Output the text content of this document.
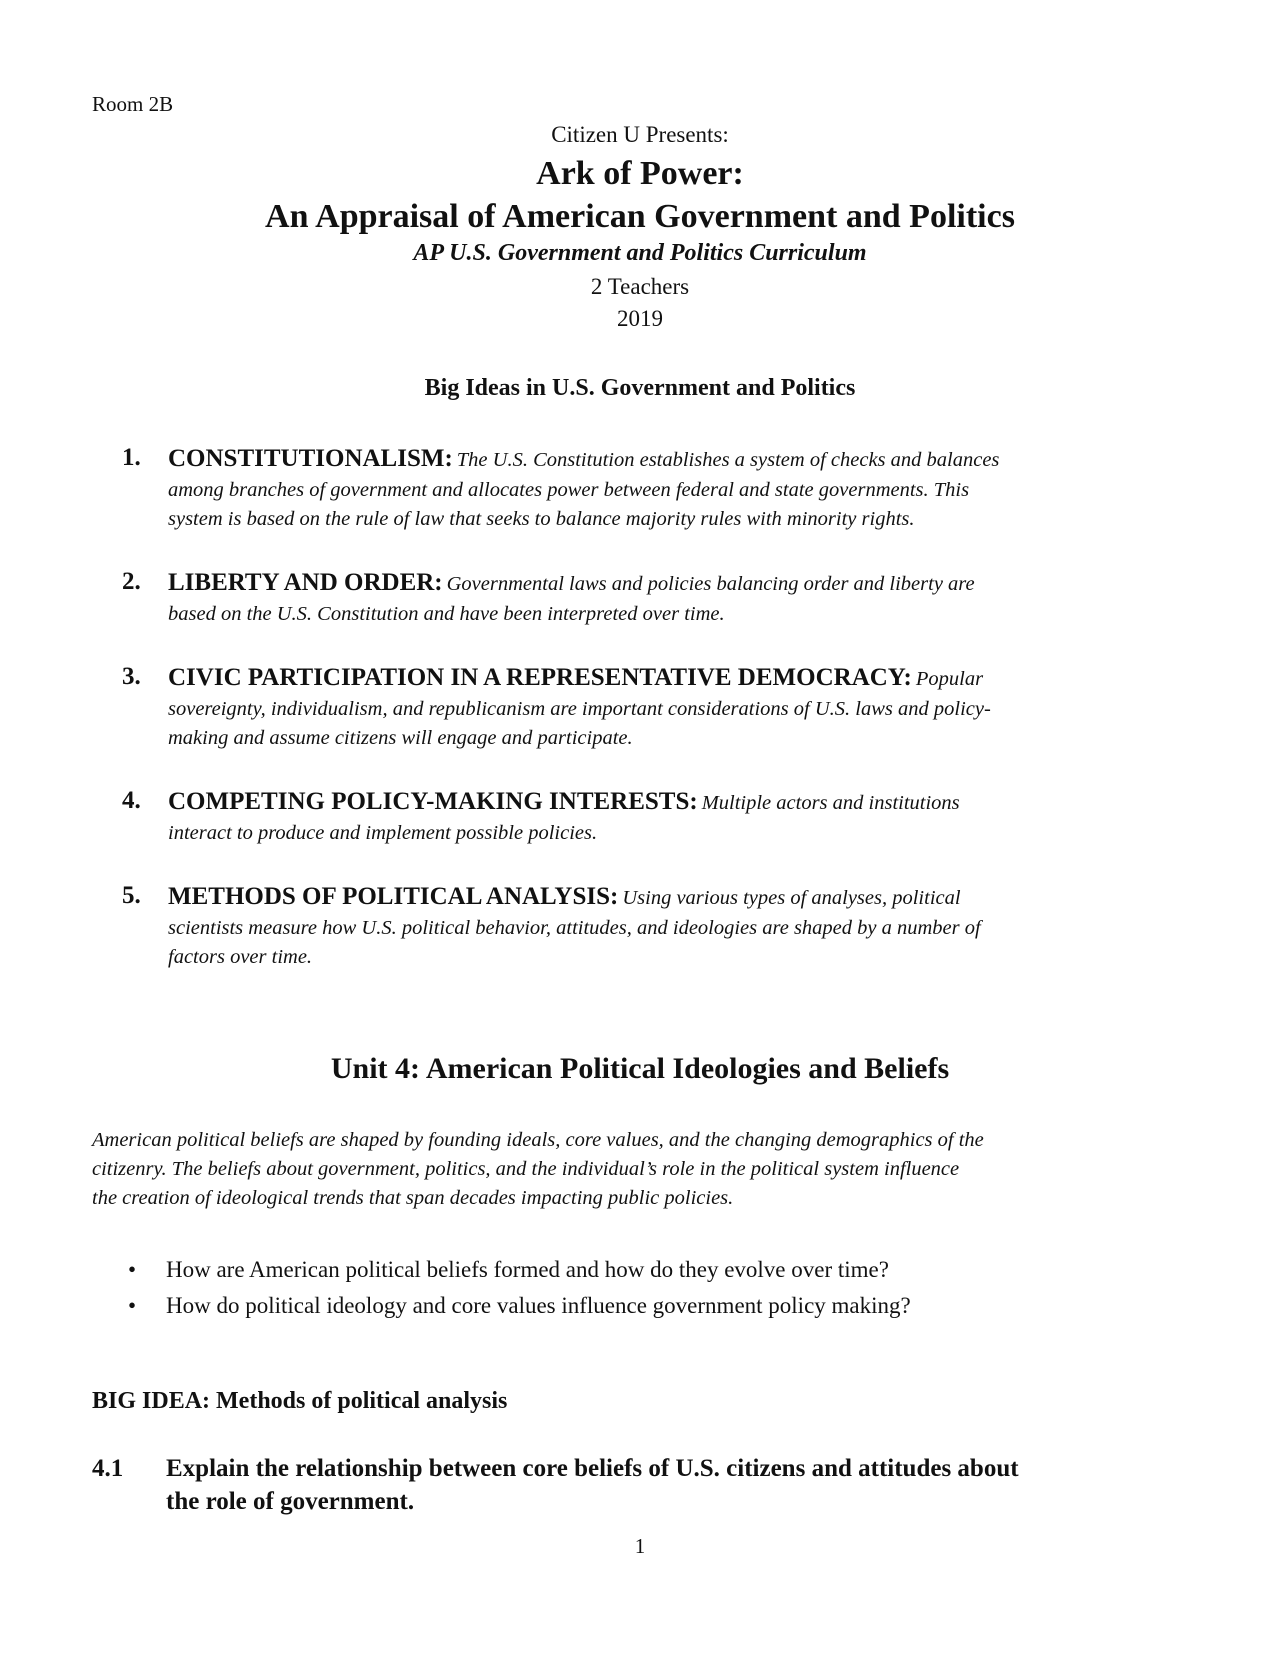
Room 2B
Citizen U Presents:
Ark of Power:
An Appraisal of American Government and Politics
AP U.S. Government and Politics Curriculum
2 Teachers
2019
Big Ideas in U.S. Government and Politics
1. CONSTITUTIONALISM: The U.S. Constitution establishes a system of checks and balances

among branches of government and allocates power between federal and state governments. This

system is based on the rule of law that seeks to balance majority rules with minority rights.

2. LIBERTY AND ORDER: Governmental laws and policies balancing order and liberty are

based on the U.S. Constitution and have been interpreted over time.

3. CIVIC PARTICIPATION IN A REPRESENTATIVE DEMOCRACY: Popular

sovereignty, individualism, and republicanism are important considerations of U.S. laws and policy-

making and assume citizens will engage and participate.

4. COMPETING POLICY-MAKING INTERESTS: Multiple actors and institutions

interact to produce and implement possible policies.

5. METHODS OF POLITICAL ANALYSIS: Using various types of analyses, political

scientists measure how U.S. political behavior, attitudes, and ideologies are shaped by a number of

factors over time.

Unit 4: American Political Ideologies and Beliefs
American political beliefs are shaped by founding ideals, core values, and the changing demographics of the
citizenry. The beliefs about government, politics, and the individual’s role in the political system influence
the creation of ideological trends that span decades impacting public policies.
• How are American political beliefs formed and how do they evolve over time?
• How do political ideology and core values influence government policy making?
BIG IDEA: Methods of political analysis
4.1 Explain the relationship between core beliefs of U.S. citizens and attitudes about
the role of government.
1
